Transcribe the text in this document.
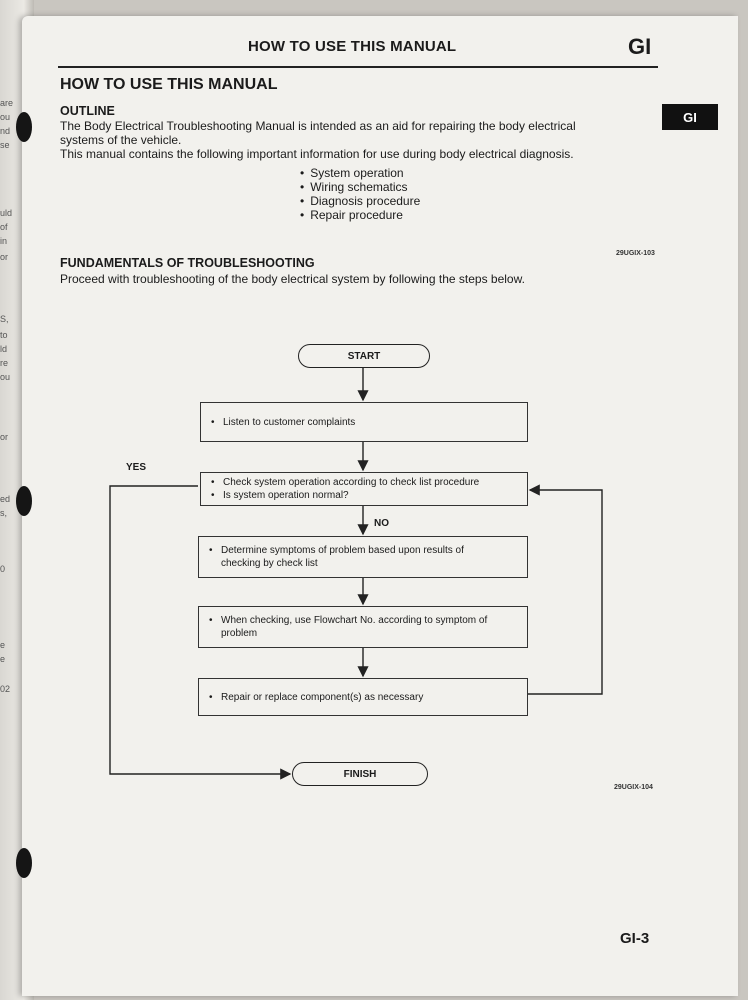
are
ou
nd
se
uld
of
in
or
S,
to
ld
re
ou
or
ed
s,
0
e
e
02
HOW TO USE THIS MANUAL	GI
GI
HOW TO USE THIS MANUAL
OUTLINE
The Body Electrical Troubleshooting Manual is intended as an aid for repairing the body electrical
systems of the vehicle.
This manual contains the following important information for use during body electrical diagnosis.
• System operation
• Wiring schematics
• Diagnosis procedure
• Repair procedure
29UGIX-103
FUNDAMENTALS OF TROUBLESHOOTING
Proceed with troubleshooting of the body electrical system by following the steps below.
START
• Listen to customer complaints
YES
• Check system operation according to check list procedure
• Is system operation normal?
NO
• Determine symptoms of problem based upon results of
checking by check list
• When checking, use Flowchart No. according to symptom of
problem
• Repair or replace component(s) as necessary
FINISH
29UGIX-104
GI-3
